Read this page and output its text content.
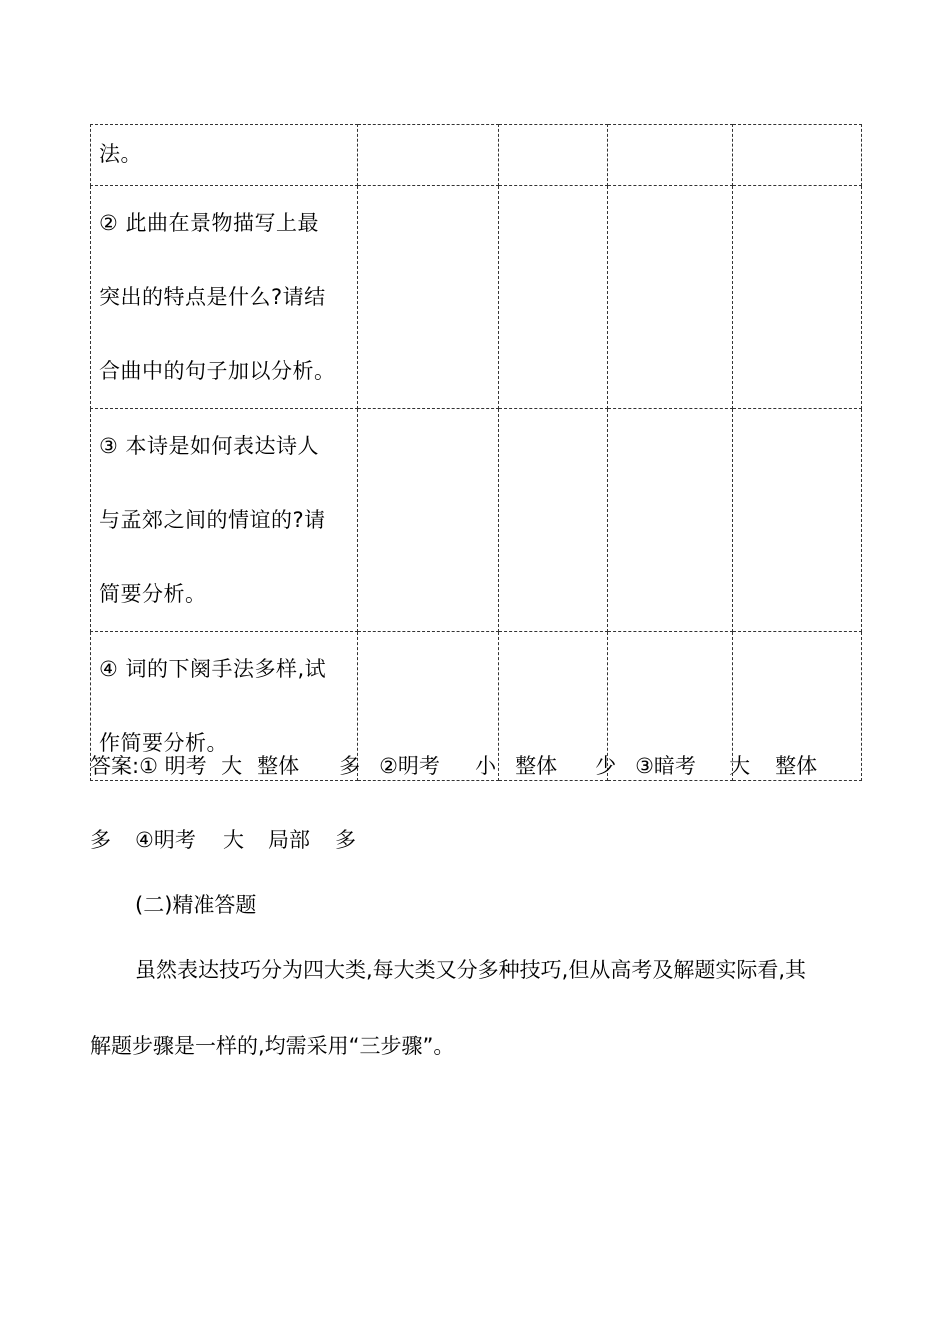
法。				

② 此曲在景物描写上最
突出的特点是什么?请结
合曲中的句子加以分析。				

③ 本诗是如何表达诗人
与孟郊之间的情谊的?请
简要分析。				

④ 词的下阕手法多样,试
作简要分析。				

答案:① 明考 大 整体 多 ②明考 小 整体 少 ③暗考 大 整体
多 ④明考 大 局部 多
(二)精准答题
虽然表达技巧分为四大类,每大类又分多种技巧,但从高考及解题实际看,其
解题步骤是一样的,均需采用“三步骤”。
